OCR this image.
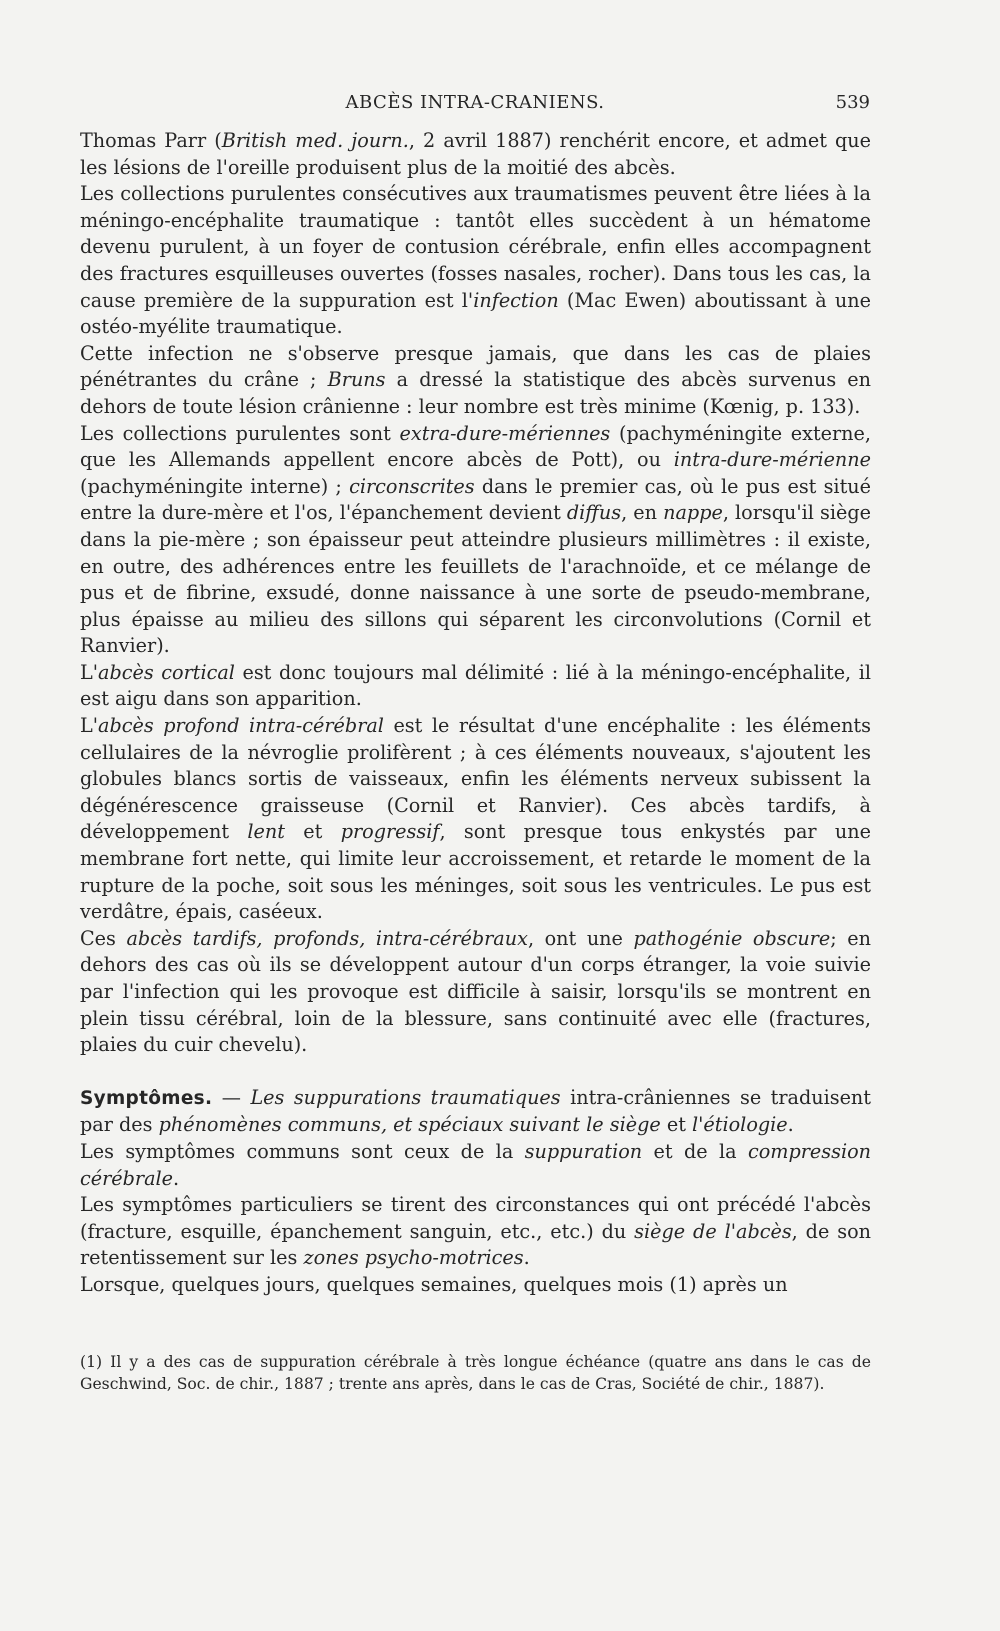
ABCÈS INTRA-CRANIENS.	539

Thomas Parr (British med. journ., 2 avril 1887) renchérit encore, et admet que les lésions de l'oreille produisent plus de la moitié des abcès.

Les collections purulentes consécutives aux traumatismes peuvent être liées à la méningo-encéphalite traumatique : tantôt elles succèdent à un hématome devenu purulent, à un foyer de contusion cérébrale, enfin elles accompagnent des fractures esquilleuses ouvertes (fosses nasales, rocher). Dans tous les cas, la cause première de la suppuration est l'infection (Mac Ewen) aboutissant à une ostéo-myélite traumatique.

Cette infection ne s'observe presque jamais, que dans les cas de plaies pénétrantes du crâne ; Bruns a dressé la statistique des abcès survenus en dehors de toute lésion crânienne : leur nombre est très minime (Kœnig, p. 133).

Les collections purulentes sont extra-dure-mériennes (pachyméningite externe, que les Allemands appellent encore abcès de Pott), ou intra-dure-mérienne (pachyméningite interne) ; circonscrites dans le premier cas, où le pus est situé entre la dure-mère et l'os, l'épanchement devient diffus, en nappe, lorsqu'il siège dans la pie-mère ; son épaisseur peut atteindre plusieurs millimètres : il existe, en outre, des adhérences entre les feuillets de l'arachnoïde, et ce mélange de pus et de fibrine, exsudé, donne naissance à une sorte de pseudo-membrane, plus épaisse au milieu des sillons qui séparent les circonvolutions (Cornil et Ranvier).

L'abcès cortical est donc toujours mal délimité : lié à la méningo-encéphalite, il est aigu dans son apparition.

L'abcès profond intra-cérébral est le résultat d'une encéphalite : les éléments cellulaires de la névroglie prolifèrent ; à ces éléments nouveaux, s'ajoutent les globules blancs sortis de vaisseaux, enfin les éléments nerveux subissent la dégénérescence graisseuse (Cornil et Ranvier). Ces abcès tardifs, à développement lent et progressif, sont presque tous enkystés par une membrane fort nette, qui limite leur accroissement, et retarde le moment de la rupture de la poche, soit sous les méninges, soit sous les ventricules. Le pus est verdâtre, épais, caséeux.

Ces abcès tardifs, profonds, intra-cérébraux, ont une pathogénie obscure; en dehors des cas où ils se développent autour d'un corps étranger, la voie suivie par l'infection qui les provoque est difficile à saisir, lorsqu'ils se montrent en plein tissu cérébral, loin de la blessure, sans continuité avec elle (fractures, plaies du cuir chevelu).

Symptômes. — Les suppurations traumatiques intra-crâniennes se traduisent par des phénomènes communs, et spéciaux suivant le siège et l'étiologie.

Les symptômes communs sont ceux de la suppuration et de la compression cérébrale.

Les symptômes particuliers se tirent des circonstances qui ont précédé l'abcès (fracture, esquille, épanchement sanguin, etc., etc.) du siège de l'abcès, de son retentissement sur les zones psycho-motrices.

Lorsque, quelques jours, quelques semaines, quelques mois (1) après un

(1) Il y a des cas de suppuration cérébrale à très longue échéance (quatre ans dans le cas de Geschwind, Soc. de chir., 1887 ; trente ans après, dans le cas de Cras, Société de chir., 1887).
